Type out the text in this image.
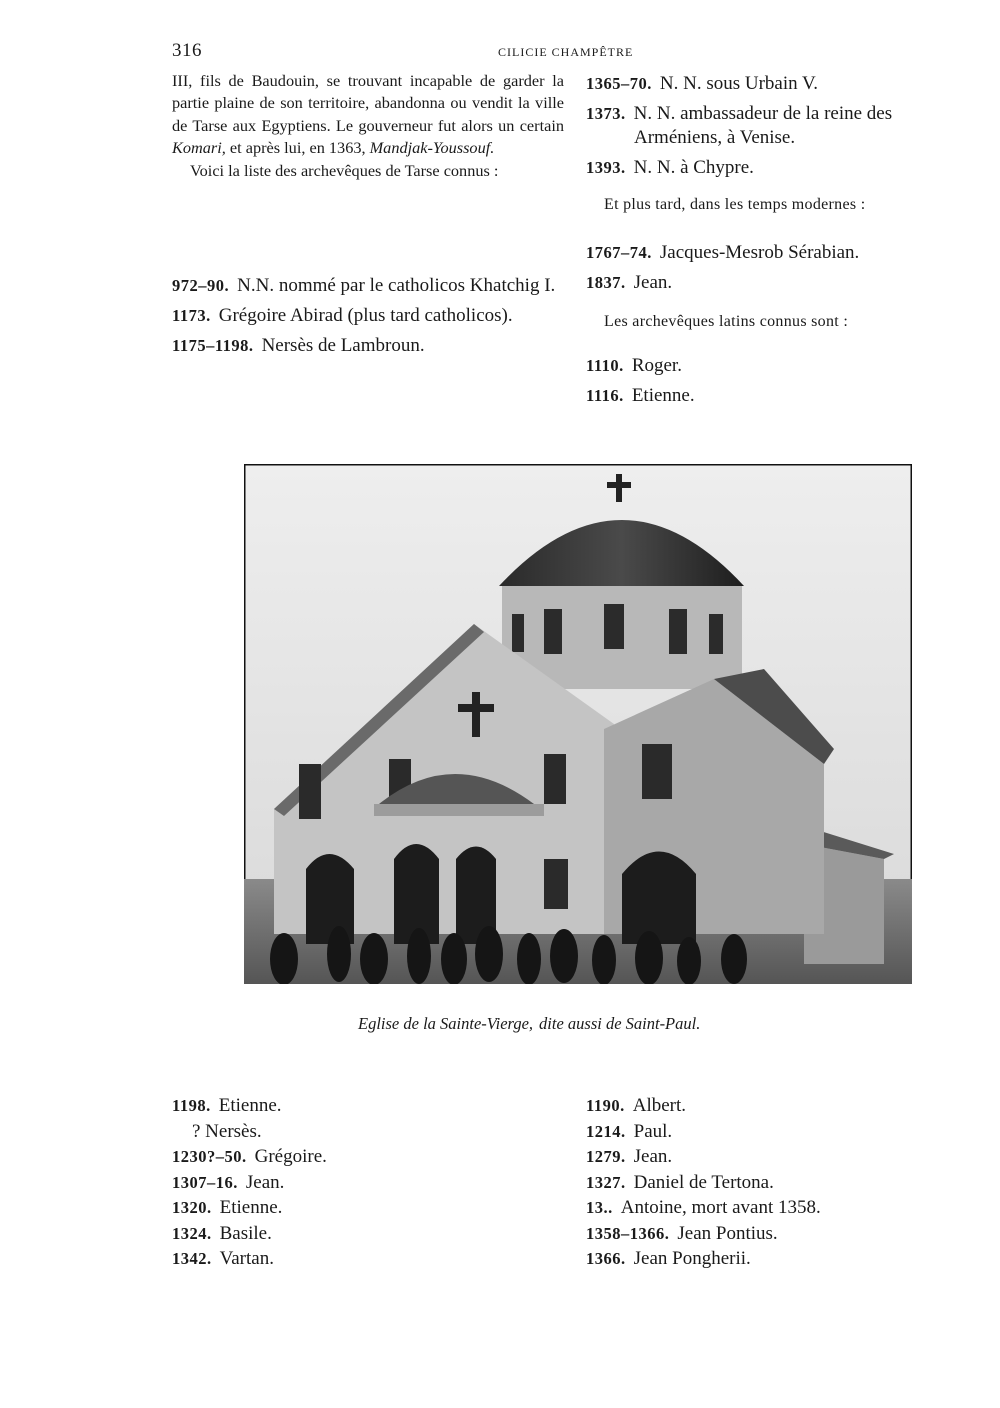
316	CILICIE CHAMPÊTRE

III, fils de Baudouin, se trouvant incapable de garder la partie plaine de son territoire, abandonna ou vendit la ville de Tarse aux Egyptiens. Le gouverneur fut alors un certain Komari, et après lui, en 1363, Mandjak-Youssouf.

Voici la liste des archevêques de Tarse connus :

972–90. N.N. nommé par le catholicos Khatchig I.
1173. Grégoire Abirad (plus tard catholicos).
1175–1198. Nersès de Lambroun.
1365–70. N. N. sous Urbain V.
1373. N. N. ambassadeur de la reine des Arméniens, à Venise.
1393. N. N. à Chypre.
Et plus tard, dans les temps modernes :
1767–74. Jacques-Mesrob Sérabian.
1837. Jean.
Les archevêques latins connus sont :
1110. Roger.
1116. Etienne.
Eglise de la Sainte-Vierge, dite aussi de Saint-Paul.
1198. Etienne.
? Nersès.
1230?–50. Grégoire.
1307–16. Jean.
1320. Etienne.
1324. Basile.
1342. Vartan.
1190. Albert.
1214. Paul.
1279. Jean.
1327. Daniel de Tertona.
13.. Antoine, mort avant 1358.
1358–1366. Jean Pontius.
1366. Jean Pongherii.
